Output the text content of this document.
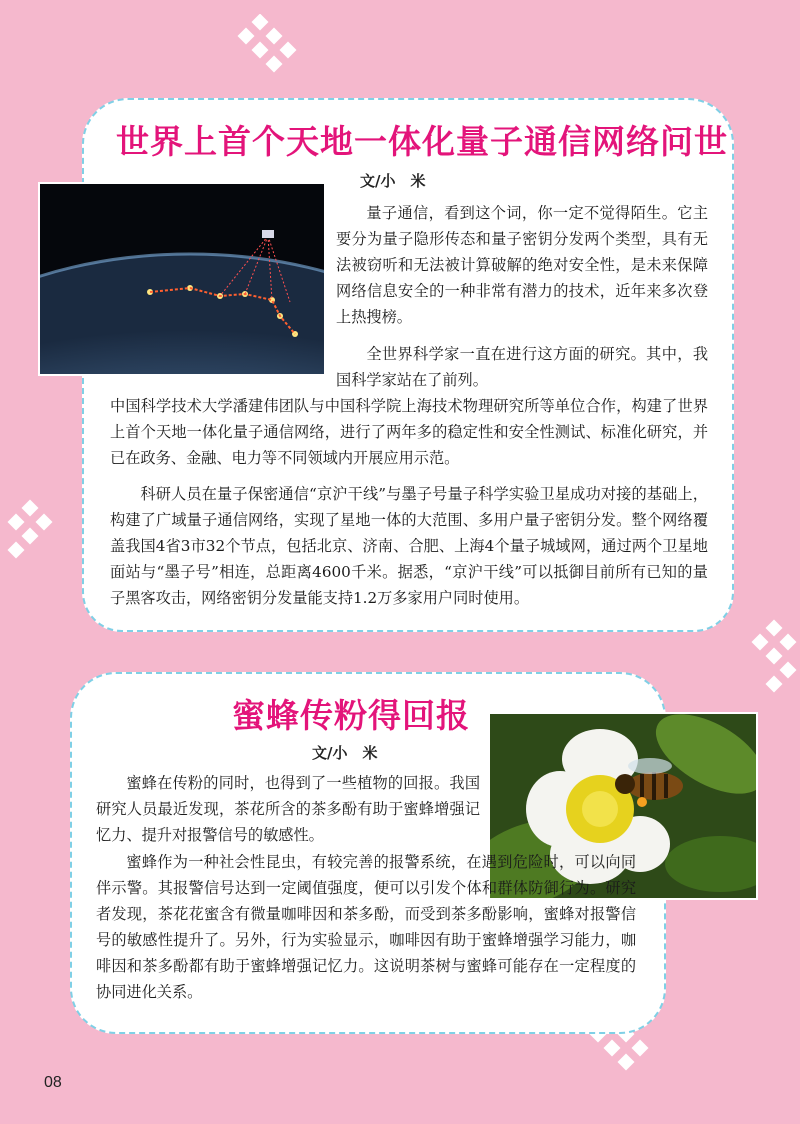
世界上首个天地一体化量子通信网络问世
文/小　米

量子通信，看到这个词，你一定不觉得陌生。它主要分为量子隐形传态和量子密钥分发两个类型，具有无法被窃听和无法被计算破解的绝对安全性，是未来保障网络信息安全的一种非常有潜力的技术，近年来多次登上热搜榜。

全世界科学家一直在进行这方面的研究。其中，我国科学家站在了前列。

中国科学技术大学潘建伟团队与中国科学院上海技术物理研究所等单位合作，构建了世界上首个天地一体化量子通信网络，进行了两年多的稳定性和安全性测试、标准化研究，并已在政务、金融、电力等不同领域内开展应用示范。

科研人员在量子保密通信“京沪干线”与墨子号量子科学实验卫星成功对接的基础上，构建了广域量子通信网络，实现了星地一体的大范围、多用户量子密钥分发。整个网络覆盖我国4省3市32个节点，包括北京、济南、合肥、上海4个量子城域网，通过两个卫星地面站与“墨子号”相连，总距离4600千米。据悉，“京沪干线”可以抵御目前所有已知的量子黑客攻击，网络密钥分发量能支持1.2万多家用户同时使用。

蜜蜂传粉得回报
文/小　米

蜜蜂在传粉的同时，也得到了一些植物的回报。我国研究人员最近发现，茶花所含的茶多酚有助于蜜蜂增强记忆力、提升对报警信号的敏感性。

蜜蜂作为一种社会性昆虫，有较完善的报警系统，在遇到危险时，可以向同伴示警。其报警信号达到一定阈值强度，便可以引发个体和群体防御行为。研究者发现，茶花花蜜含有微量咖啡因和茶多酚，而受到茶多酚影响，蜜蜂对报警信号的敏感性提升了。另外，行为实验显示，咖啡因有助于蜜蜂增强学习能力，咖啡因和茶多酚都有助于蜜蜂增强记忆力。这说明茶树与蜜蜂可能存在一定程度的协同进化关系。

08
